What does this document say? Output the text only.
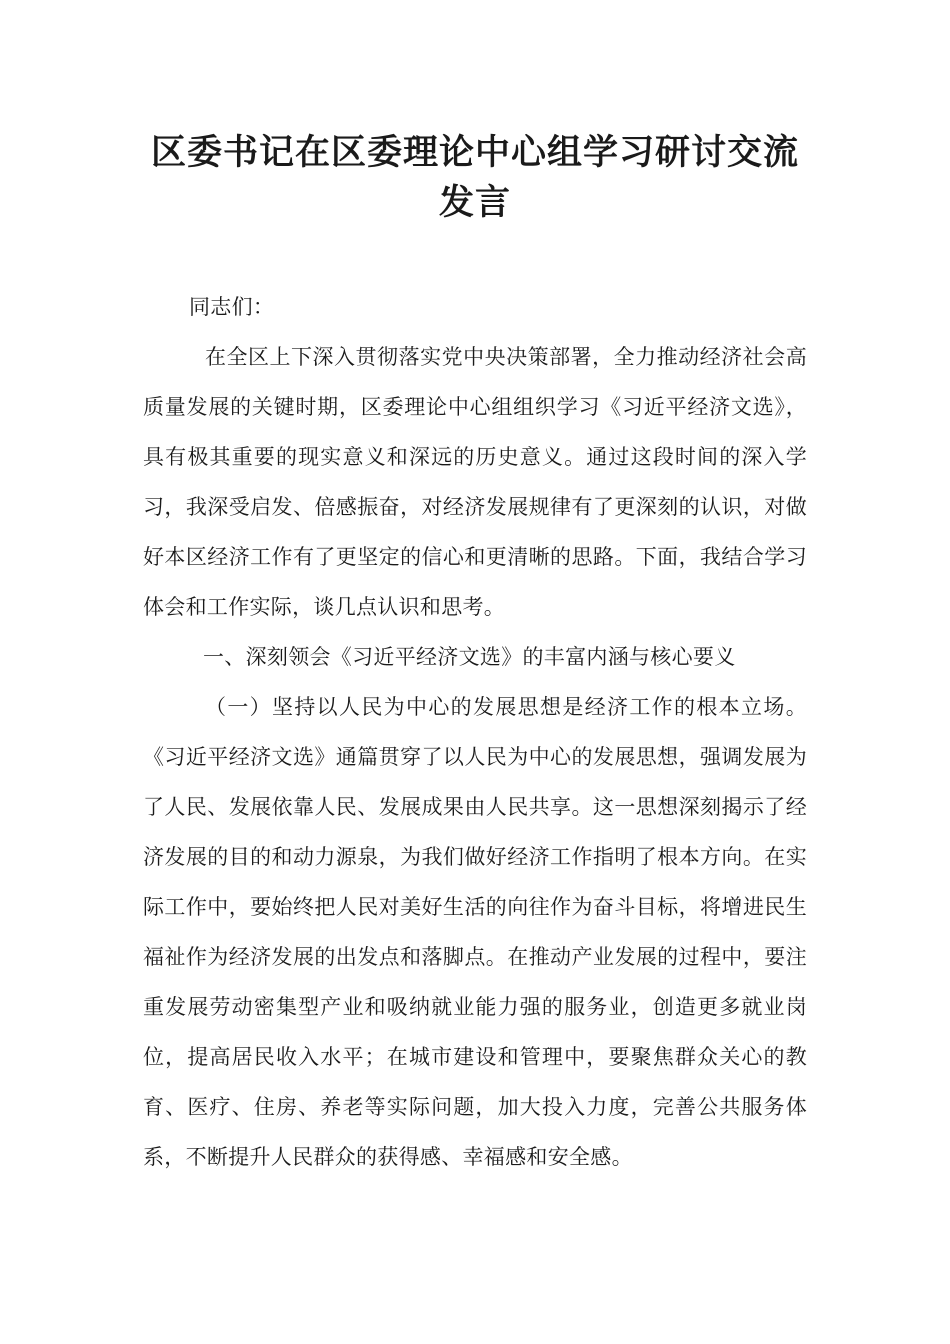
区委书记在区委理论中心组学习研讨交流
发言

同志们：

在全区上下深入贯彻落实党中央决策部署，全力推动经济社会高质量发展的关键时期，区委理论中心组组织学习《习近平经济文选》，具有极其重要的现实意义和深远的历史意义。通过这段时间的深入学习，我深受启发、倍感振奋，对经济发展规律有了更深刻的认识，对做好本区经济工作有了更坚定的信心和更清晰的思路。下面，我结合学习体会和工作实际，谈几点认识和思考。

一、深刻领会《习近平经济文选》的丰富内涵与核心要义

（一）坚持以人民为中心的发展思想是经济工作的根本立场。《习近平经济文选》通篇贯穿了以人民为中心的发展思想，强调发展为了人民、发展依靠人民、发展成果由人民共享。这一思想深刻揭示了经济发展的目的和动力源泉，为我们做好经济工作指明了根本方向。在实际工作中，要始终把人民对美好生活的向往作为奋斗目标，将增进民生福祉作为经济发展的出发点和落脚点。在推动产业发展的过程中，要注重发展劳动密集型产业和吸纳就业能力强的服务业，创造更多就业岗位，提高居民收入水平；在城市建设和管理中，要聚焦群众关心的教育、医疗、住房、养老等实际问题，加大投入力度，完善公共服务体系，不断提升人民群众的获得感、幸福感和安全感。
